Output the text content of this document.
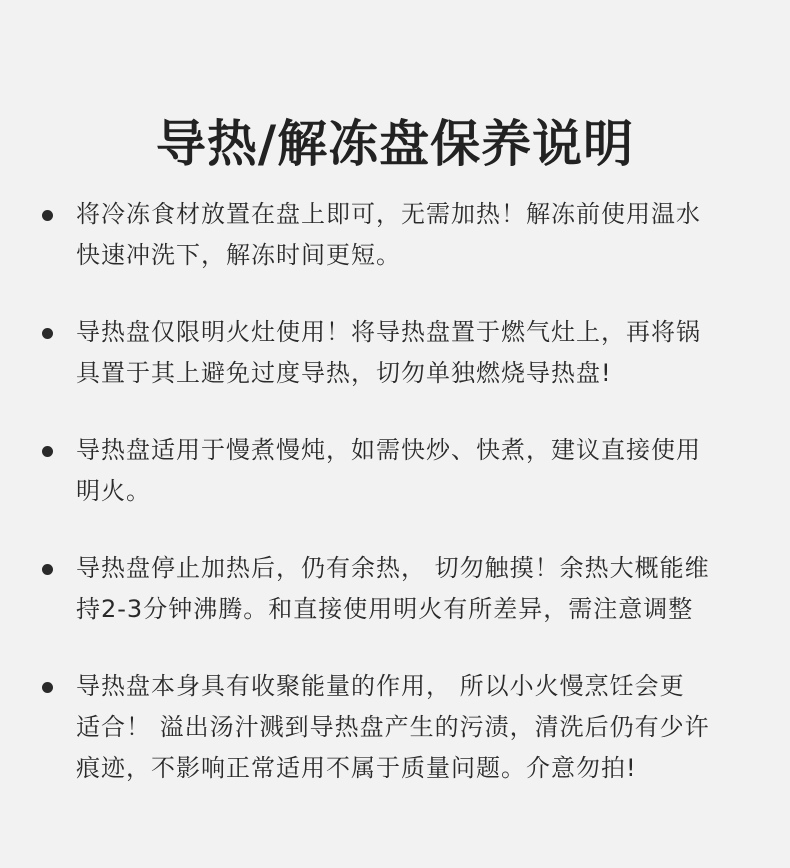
导热/解冻盘保养说明
将冷冻食材放置在盘上即可，无需加热！解冻前使用温水
快速冲洗下，解冻时间更短。
导热盘仅限明火灶使用！将导热盘置于燃气灶上，再将锅
具置于其上避免过度导热，切勿单独燃烧导热盘!
导热盘适用于慢煮慢炖，如需快炒、快煮，建议直接使用
明火。
导热盘停止加热后，仍有余热， 切勿触摸！余热大概能维
持2-3分钟沸腾。和直接使用明火有所差异，需注意调整
导热盘本身具有收聚能量的作用， 所以小火慢烹饪会更
适合！ 溢出汤汁溅到导热盘产生的污渍，清洗后仍有少许
痕迹，不影响正常适用不属于质量问题。介意勿拍!
